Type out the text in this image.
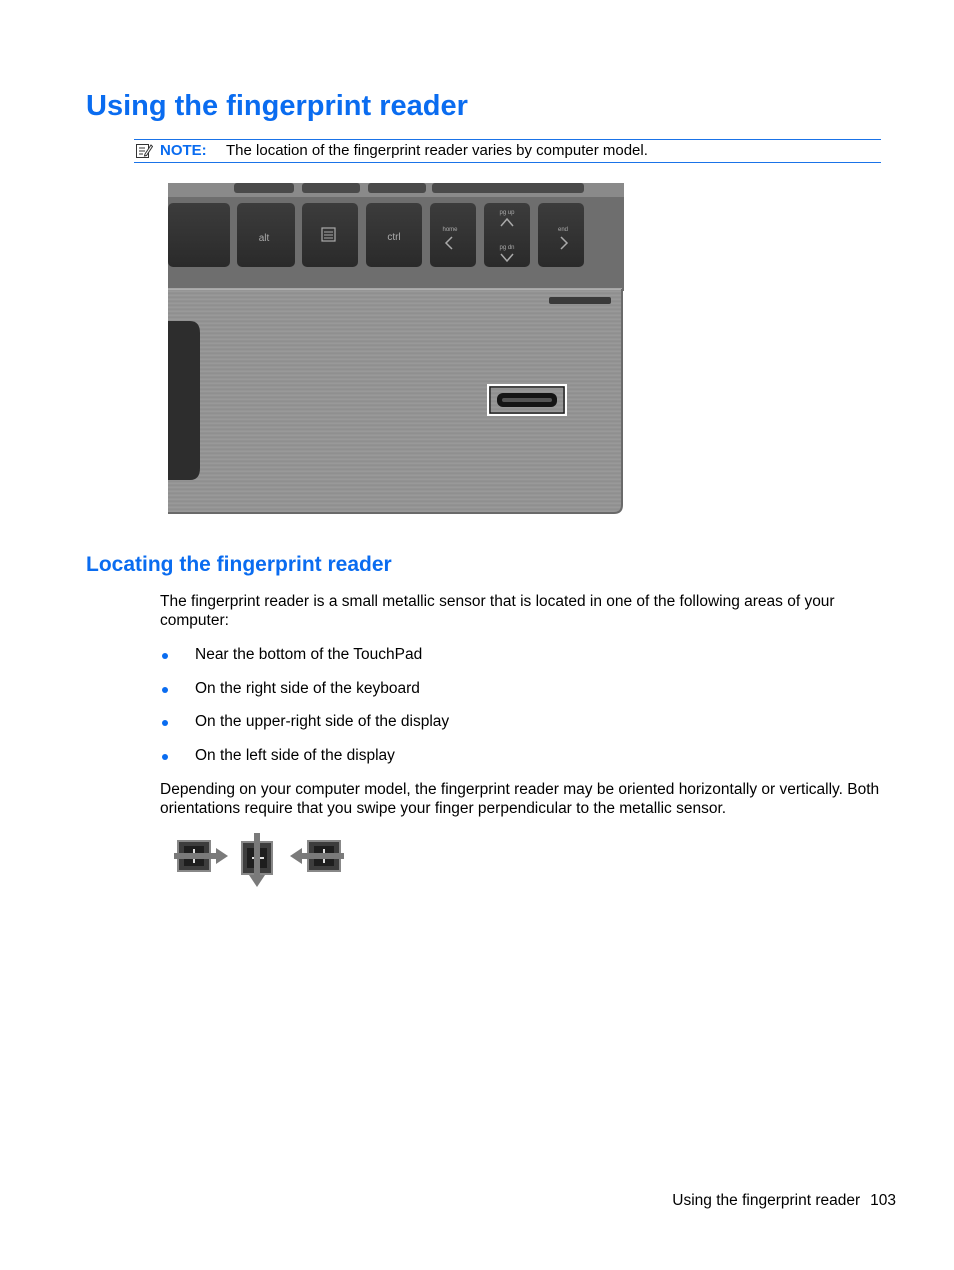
Using the fingerprint reader
NOTE: The location of the fingerprint reader varies by computer model.
alt	ctrl
home
pg up
pg dn
end
Locating the fingerprint reader

The fingerprint reader is a small metallic sensor that is located in one of the following areas of your computer:

Near the bottom of the TouchPad
On the right side of the keyboard
On the upper-right side of the display
On the left side of the display

Depending on your computer model, the fingerprint reader may be oriented horizontally or vertically. Both orientations require that you swipe your finger perpendicular to the metallic sensor.

Using the fingerprint reader 103
